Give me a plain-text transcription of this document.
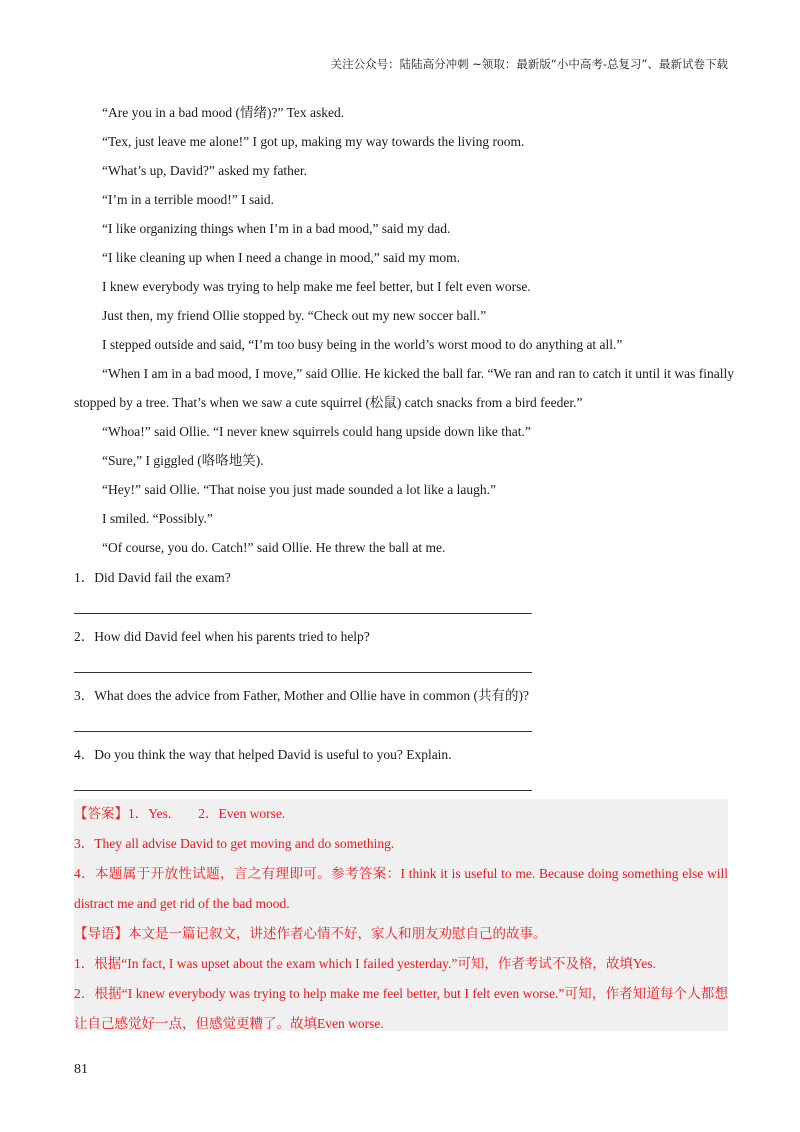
关注公众号：陆陆高分冲刺 ~领取：最新版“小中高考-总复习”、最新试卷下载
“Are you in a bad mood (情绪)?” Tex asked.
“Tex, just leave me alone!” I got up, making my way towards the living room.
“What’s up, David?” asked my father.
“I’m in a terrible mood!” I said.
“I like organizing things when I’m in a bad mood,” said my dad.
“I like cleaning up when I need a change in mood,” said my mom.
I knew everybody was trying to help make me feel better, but I felt even worse.
Just then, my friend Ollie stopped by. “Check out my new soccer ball.”
I stepped outside and said, “I’m too busy being in the world’s worst mood to do anything at all.”
“When I am in a bad mood, I move,” said Ollie. He kicked the ball far. “We ran and ran to catch it until it was finally stopped by a tree. That’s when we saw a cute squirrel (松鼠) catch snacks from a bird feeder.”
“Whoa!” said Ollie. “I never knew squirrels could hang upside down like that.”
“Sure,” I giggled (咯咯地笑).
“Hey!” said Ollie. “That noise you just made sounded a lot like a laugh.”
I smiled. “Possibly.”
“Of course, you do. Catch!” said Ollie. He threw the ball at me.
1．Did David fail the exam?
2．How did David feel when his parents tried to help?
3．What does the advice from Father, Mother and Ollie have in common (共有的)?
4．Do you think the way that helped David is useful to you? Explain.

【答案】1．Yes.　　2．Even worse.

3．They all advise David to get moving and do something.

4．本题属于开放性试题，言之有理即可。参考答案：I think it is useful to me. Because doing something else will distract me and get rid of the bad mood.

【导语】本文是一篇记叙文，讲述作者心情不好，家人和朋友劝慰自己的故事。

1．根据“In fact, I was upset about the exam which I failed yesterday.”可知，作者考试不及格，故填Yes.

2．根据“I knew everybody was trying to help make me feel better, but I felt even worse.”可知，作者知道每个人都想让自己感觉好一点，但感觉更糟了。故填Even worse.

81
